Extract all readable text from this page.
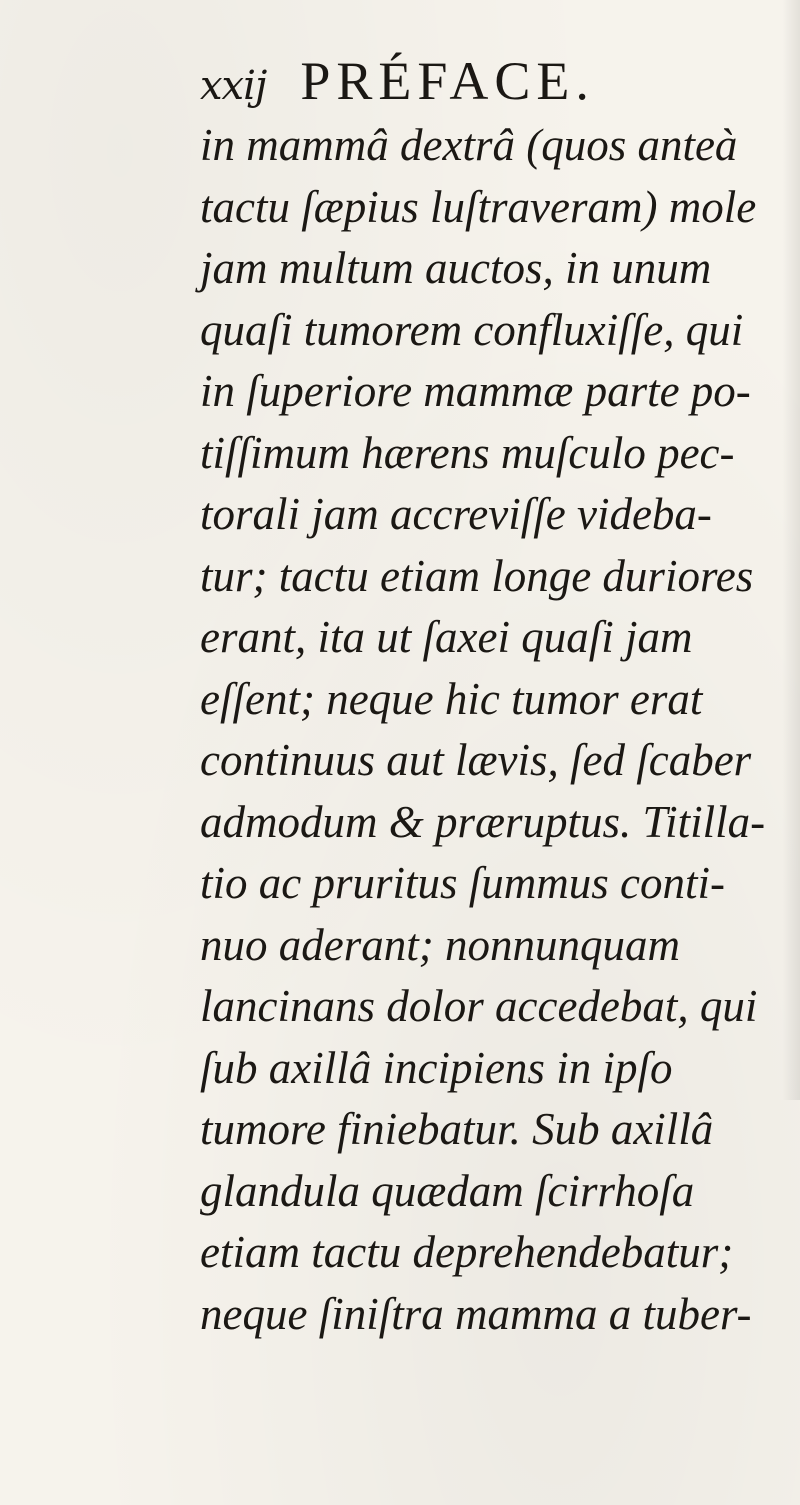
xxij PRÉFACE.
in mammâ dextrâ (quos anteà
tactu ſæpius luſtraveram) mole
jam multum auctos, in unum
quaſi tumorem confluxiſſe, qui
in ſuperiore mammæ parte po-
tiſſimum hærens muſculo pec-
torali jam accreviſſe videba-
tur; tactu etiam longe duriores
erant, ita ut ſaxei quaſi jam
eſſent; neque hic tumor erat
continuus aut lævis, ſed ſcaber
admodum & præruptus. Titilla-
tio ac pruritus ſummus conti-
nuo aderant; nonnunquam
lancinans dolor accedebat, qui
ſub axillâ incipiens in ipſo
tumore finiebatur. Sub axillâ
glandula quædam ſcirrhoſa
etiam tactu deprehendebatur;
neque ſiniſtra mamma a tuber-
